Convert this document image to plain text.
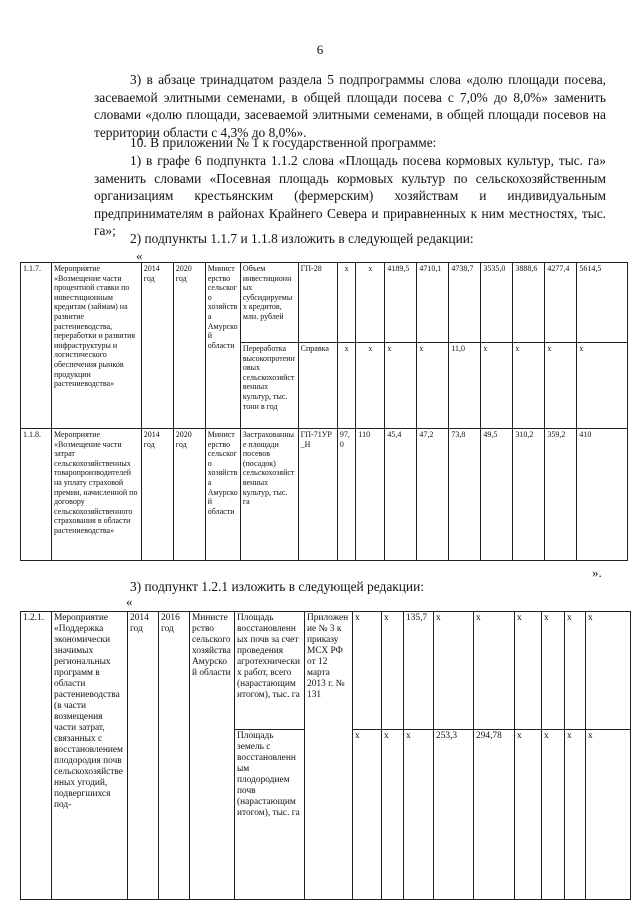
6
3) в абзаце тринадцатом раздела 5 подпрограммы слова «долю площади посева, засеваемой элитными семенами, в общей площади посева с 7,0% до 8,0%» заменить словами «долю площади, засеваемой элитными семенами, в общей площади посевов на территории области с 4,3% до 8,0%».
10. В приложении № 1 к государственной программе:
1) в графе 6 подпункта 1.1.2 слова «Площадь посева кормовых культур, тыс. га» заменить словами «Посевная площадь кормовых культур по сельскохозяйственным организациям крестьянским (фермерским) хозяйствам и индивидуальным предпринимателям в районах Крайнего Севера и приравненных к ним местностях, тыс. га»;
2) подпункты 1.1.7 и 1.1.8 изложить в следующей редакции:
«
1.1.7.	Мероприятие «Возмещение части процентной ставки по инвестиционным кредитам (займам) на развитие растениеводства, переработки и развития инфраструктуры и логистического обеспечения рынков продукции растениеводства»	2014 год	2020 год	Министерство сельского хозяйства Амурской области	Объем инвестиционных субсидируемых кредитов, млн. рублей	ГП-28	х	х	4189,5	4710,1	4738,7	3535,0	3888,6	4277,4	5614,5
					Переработка высокопротеиновых сельскохозяйственных культур, тыс. тонн в год	Справка	х	х	х	х	11,0	х	х	х	х
1.1.8.	Мероприятие «Возмещение части затрат сельскохозяйственных товаропроизводителей на уплату страховой премии, начисленной по договору сельскохозяйственного страхования в области растениеводства»	2014 год	2020 год	Министерство сельского хозяйства Амурской области	Застрахованные площади посевов (посадок) сельскохозяйственных культур, тыс. га	ГП-71УР_Н	97,0	110	45,4	47,2	73,8	49,5	310,2	359,2	410
».
3) подпункт 1.2.1 изложить в следующей редакции:
«
1.2.1.	Мероприятие «Поддержка экономически значимых региональных программ в области растениеводства (в части возмещения части затрат, связанных с восстановлением плодородия почв сельскохозяйственных угодий, подвергшихся под-	2014 год	2016 год	Министерство сельского хозяйства Амурской области	Площадь восстановленных почв за счет проведения агротехнических работ, всего (нарастающим итогом), тыс. га	Приложение № 3 к приказу МСХ РФ от 12 марта 2013 г. № 131	х	х	135,7	х	х	х	х	х	х
					Площадь земель с восстановленным плодородием почв (нарастающим итогом), тыс. га		х	х	х	253,3	294,78	х	х	х	х
